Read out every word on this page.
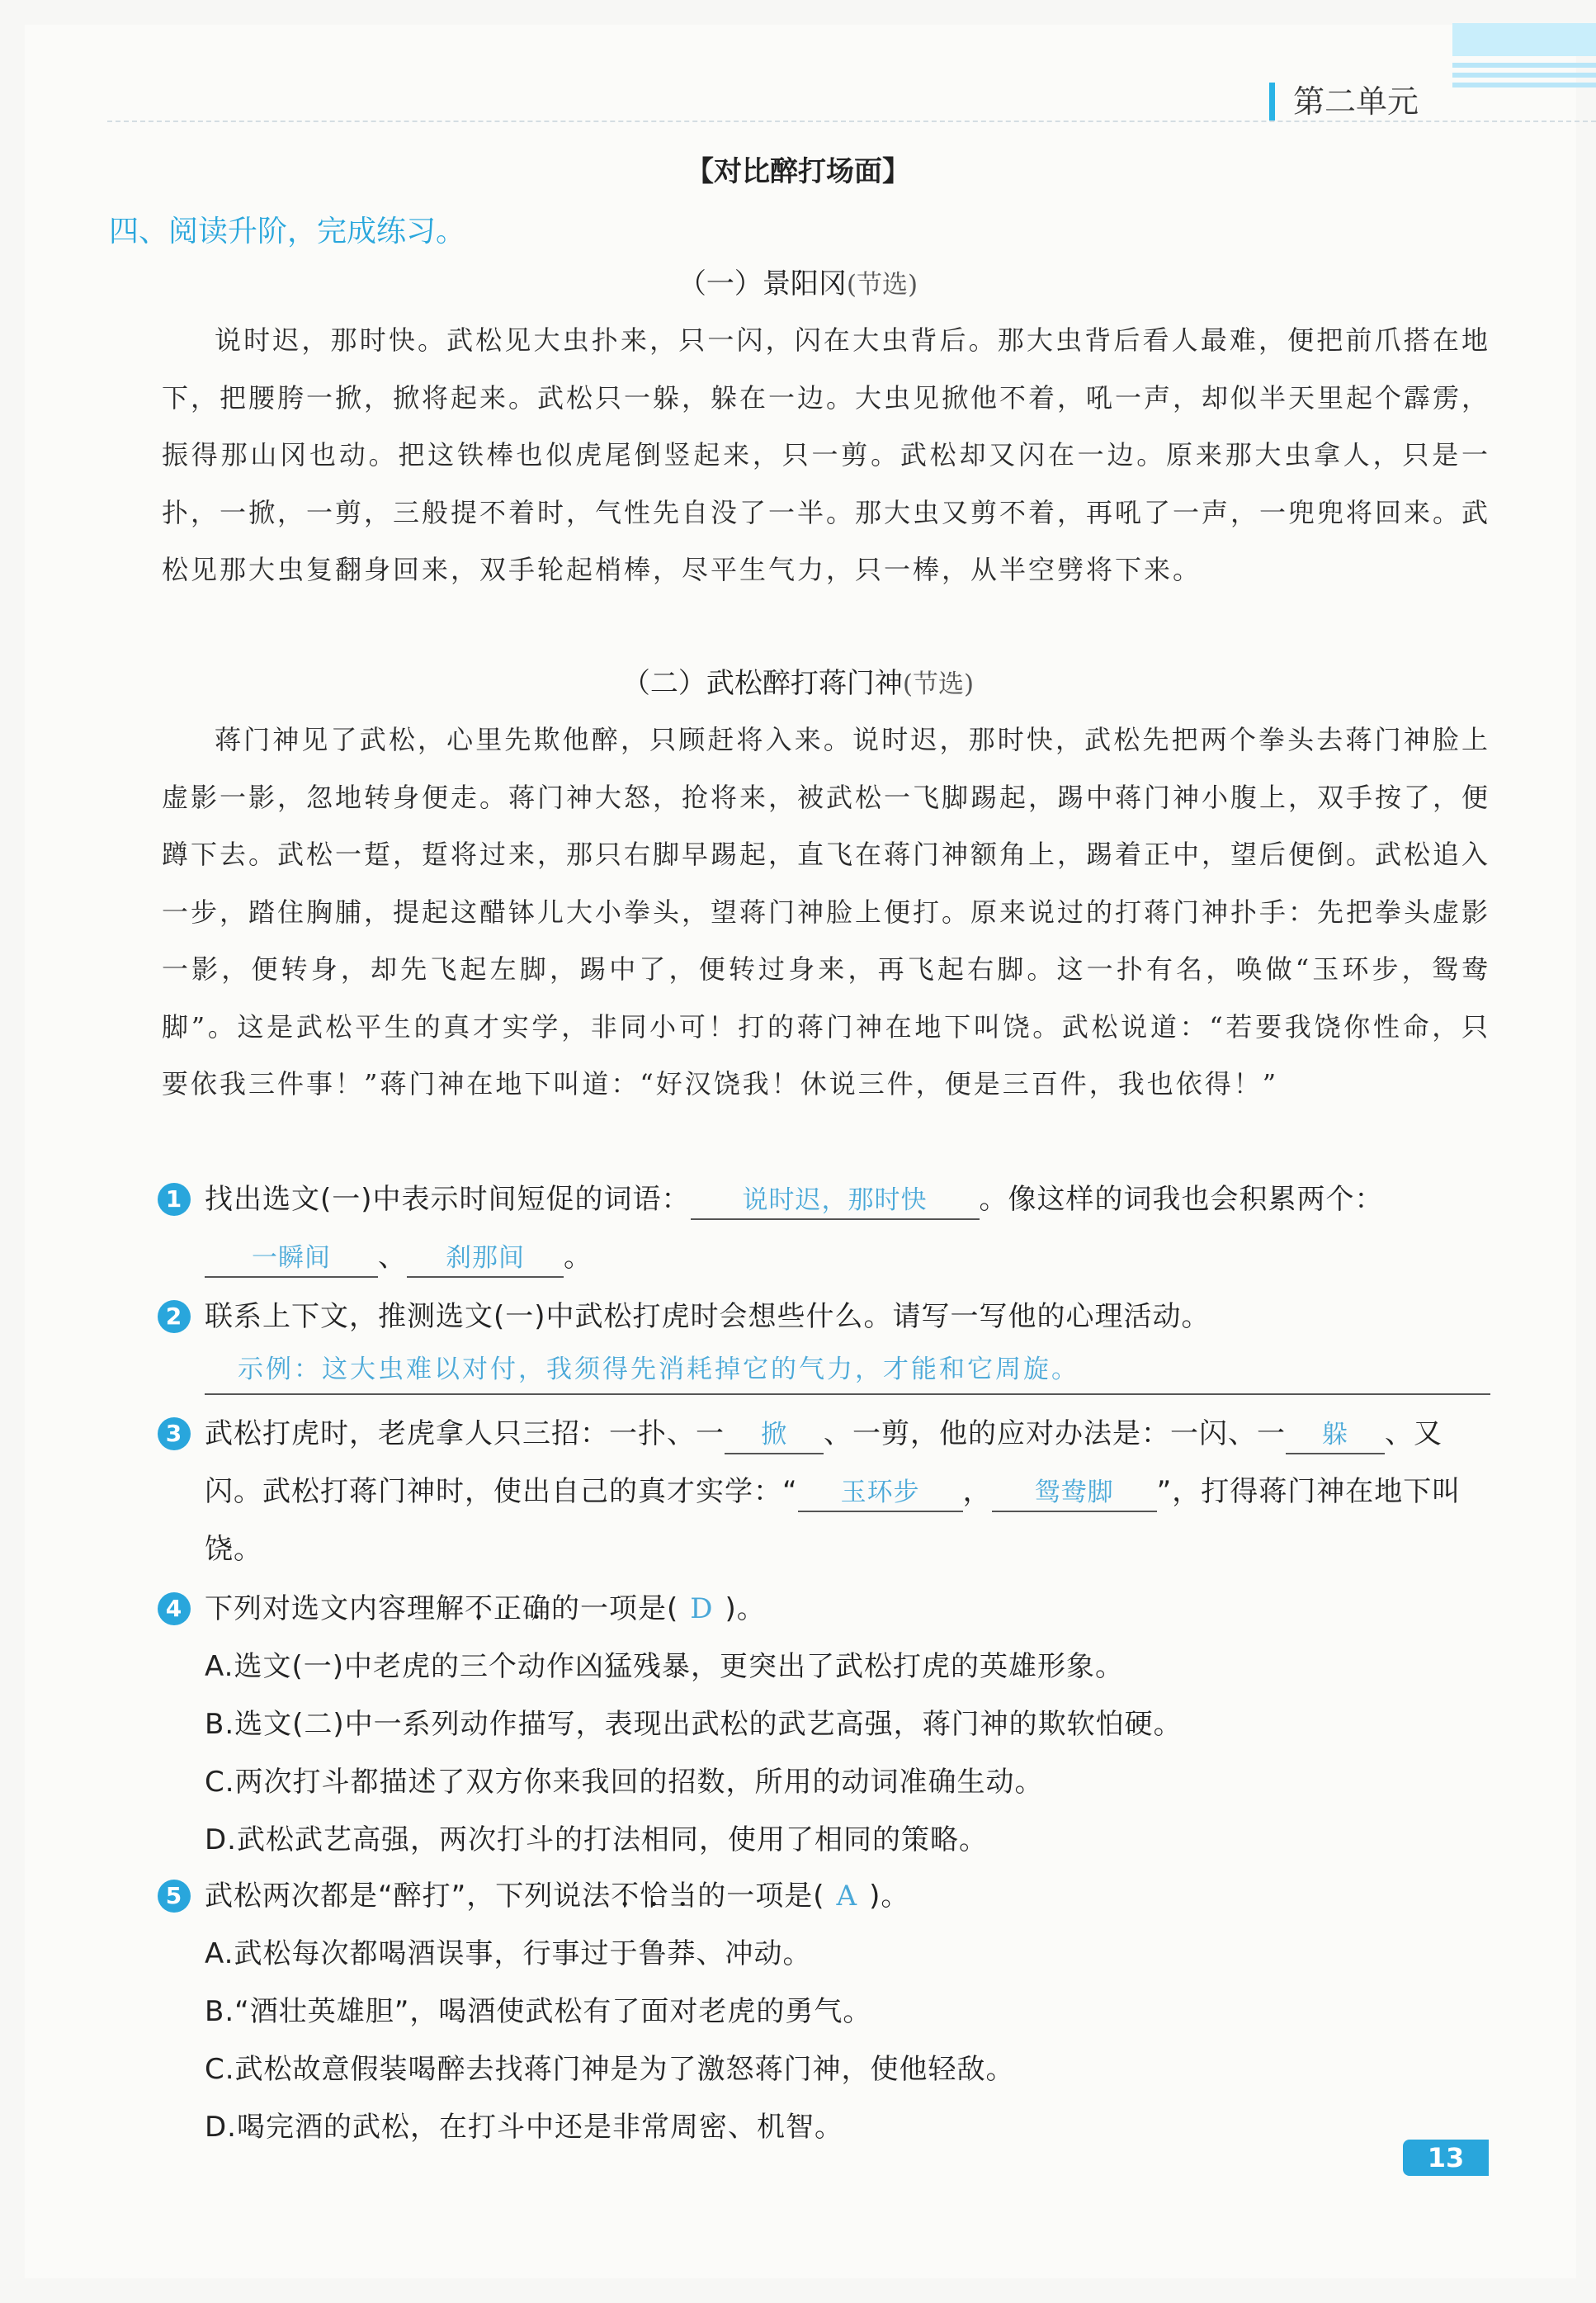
第二单元
【对比醉打场面】
四、阅读升阶，完成练习。
（一）景阳冈(节选)

说时迟，那时快。武松见大虫扑来，只一闪，闪在大虫背后。那大虫背后看人最难，便把前爪搭在地下，把腰胯一掀，掀将起来。武松只一躲，躲在一边。大虫见掀他不着，吼一声，却似半天里起个霹雳，振得那山冈也动。把这铁棒也似虎尾倒竖起来，只一剪。武松却又闪在一边。原来那大虫拿人，只是一扑，一掀，一剪，三般提不着时，气性先自没了一半。那大虫又剪不着，再吼了一声，一兜兜将回来。武松见那大虫复翻身回来，双手轮起梢棒，尽平生气力，只一棒，从半空劈将下来。

（二）武松醉打蒋门神(节选)

蒋门神见了武松，心里先欺他醉，只顾赶将入来。说时迟，那时快，武松先把两个拳头去蒋门神脸上虚影一影，忽地转身便走。蒋门神大怒，抢将来，被武松一飞脚踢起，踢中蒋门神小腹上，双手按了，便蹲下去。武松一踅，踅将过来，那只右脚早踢起，直飞在蒋门神额角上，踢着正中，望后便倒。武松追入一步，踏住胸脯，提起这醋钵儿大小拳头，望蒋门神脸上便打。原来说过的打蒋门神扑手：先把拳头虚影一影，便转身，却先飞起左脚，踢中了，便转过身来，再飞起右脚。这一扑有名，唤做“玉环步，鸳鸯脚”。这是武松平生的真才实学，非同小可！打的蒋门神在地下叫饶。武松说道：“若要我饶你性命，只要依我三件事！”蒋门神在地下叫道：“好汉饶我！休说三件，便是三百件，我也依得！”

1 找出选文(一)中表示时间短促的词语： 说时迟，那时快 。像这样的词我也会积累两个：一瞬间 、 刹那间 。
2 联系上下文，推测选文(一)中武松打虎时会想些什么。请写一写他的心理活动。
示例：这大虫难以对付，我须得先消耗掉它的气力，才能和它周旋。
3 武松打虎时，老虎拿人只三招：一扑、一 掀 、一剪，他的应对办法是：一闪、一 躲 、又闪。武松打蒋门神时，使出自己的真才实学：“ 玉环步 ， 鸳鸯脚 ”，打得蒋门神在地下叫饶。
4 下列对选文内容理解不正确的一项是( D )。
A.选文(一)中老虎的三个动作凶猛残暴，更突出了武松打虎的英雄形象。
B.选文(二)中一系列动作描写，表现出武松的武艺高强，蒋门神的欺软怕硬。
C.两次打斗都描述了双方你来我回的招数，所用的动词准确生动。
D.武松武艺高强，两次打斗的打法相同，使用了相同的策略。
5 武松两次都是“醉打”，下列说法不恰当的一项是( A )。
A.武松每次都喝酒误事，行事过于鲁莽、冲动。
B.“酒壮英雄胆”，喝酒使武松有了面对老虎的勇气。
C.武松故意假装喝醉去找蒋门神是为了激怒蒋门神，使他轻敌。
D.喝完酒的武松，在打斗中还是非常周密、机智。
13
